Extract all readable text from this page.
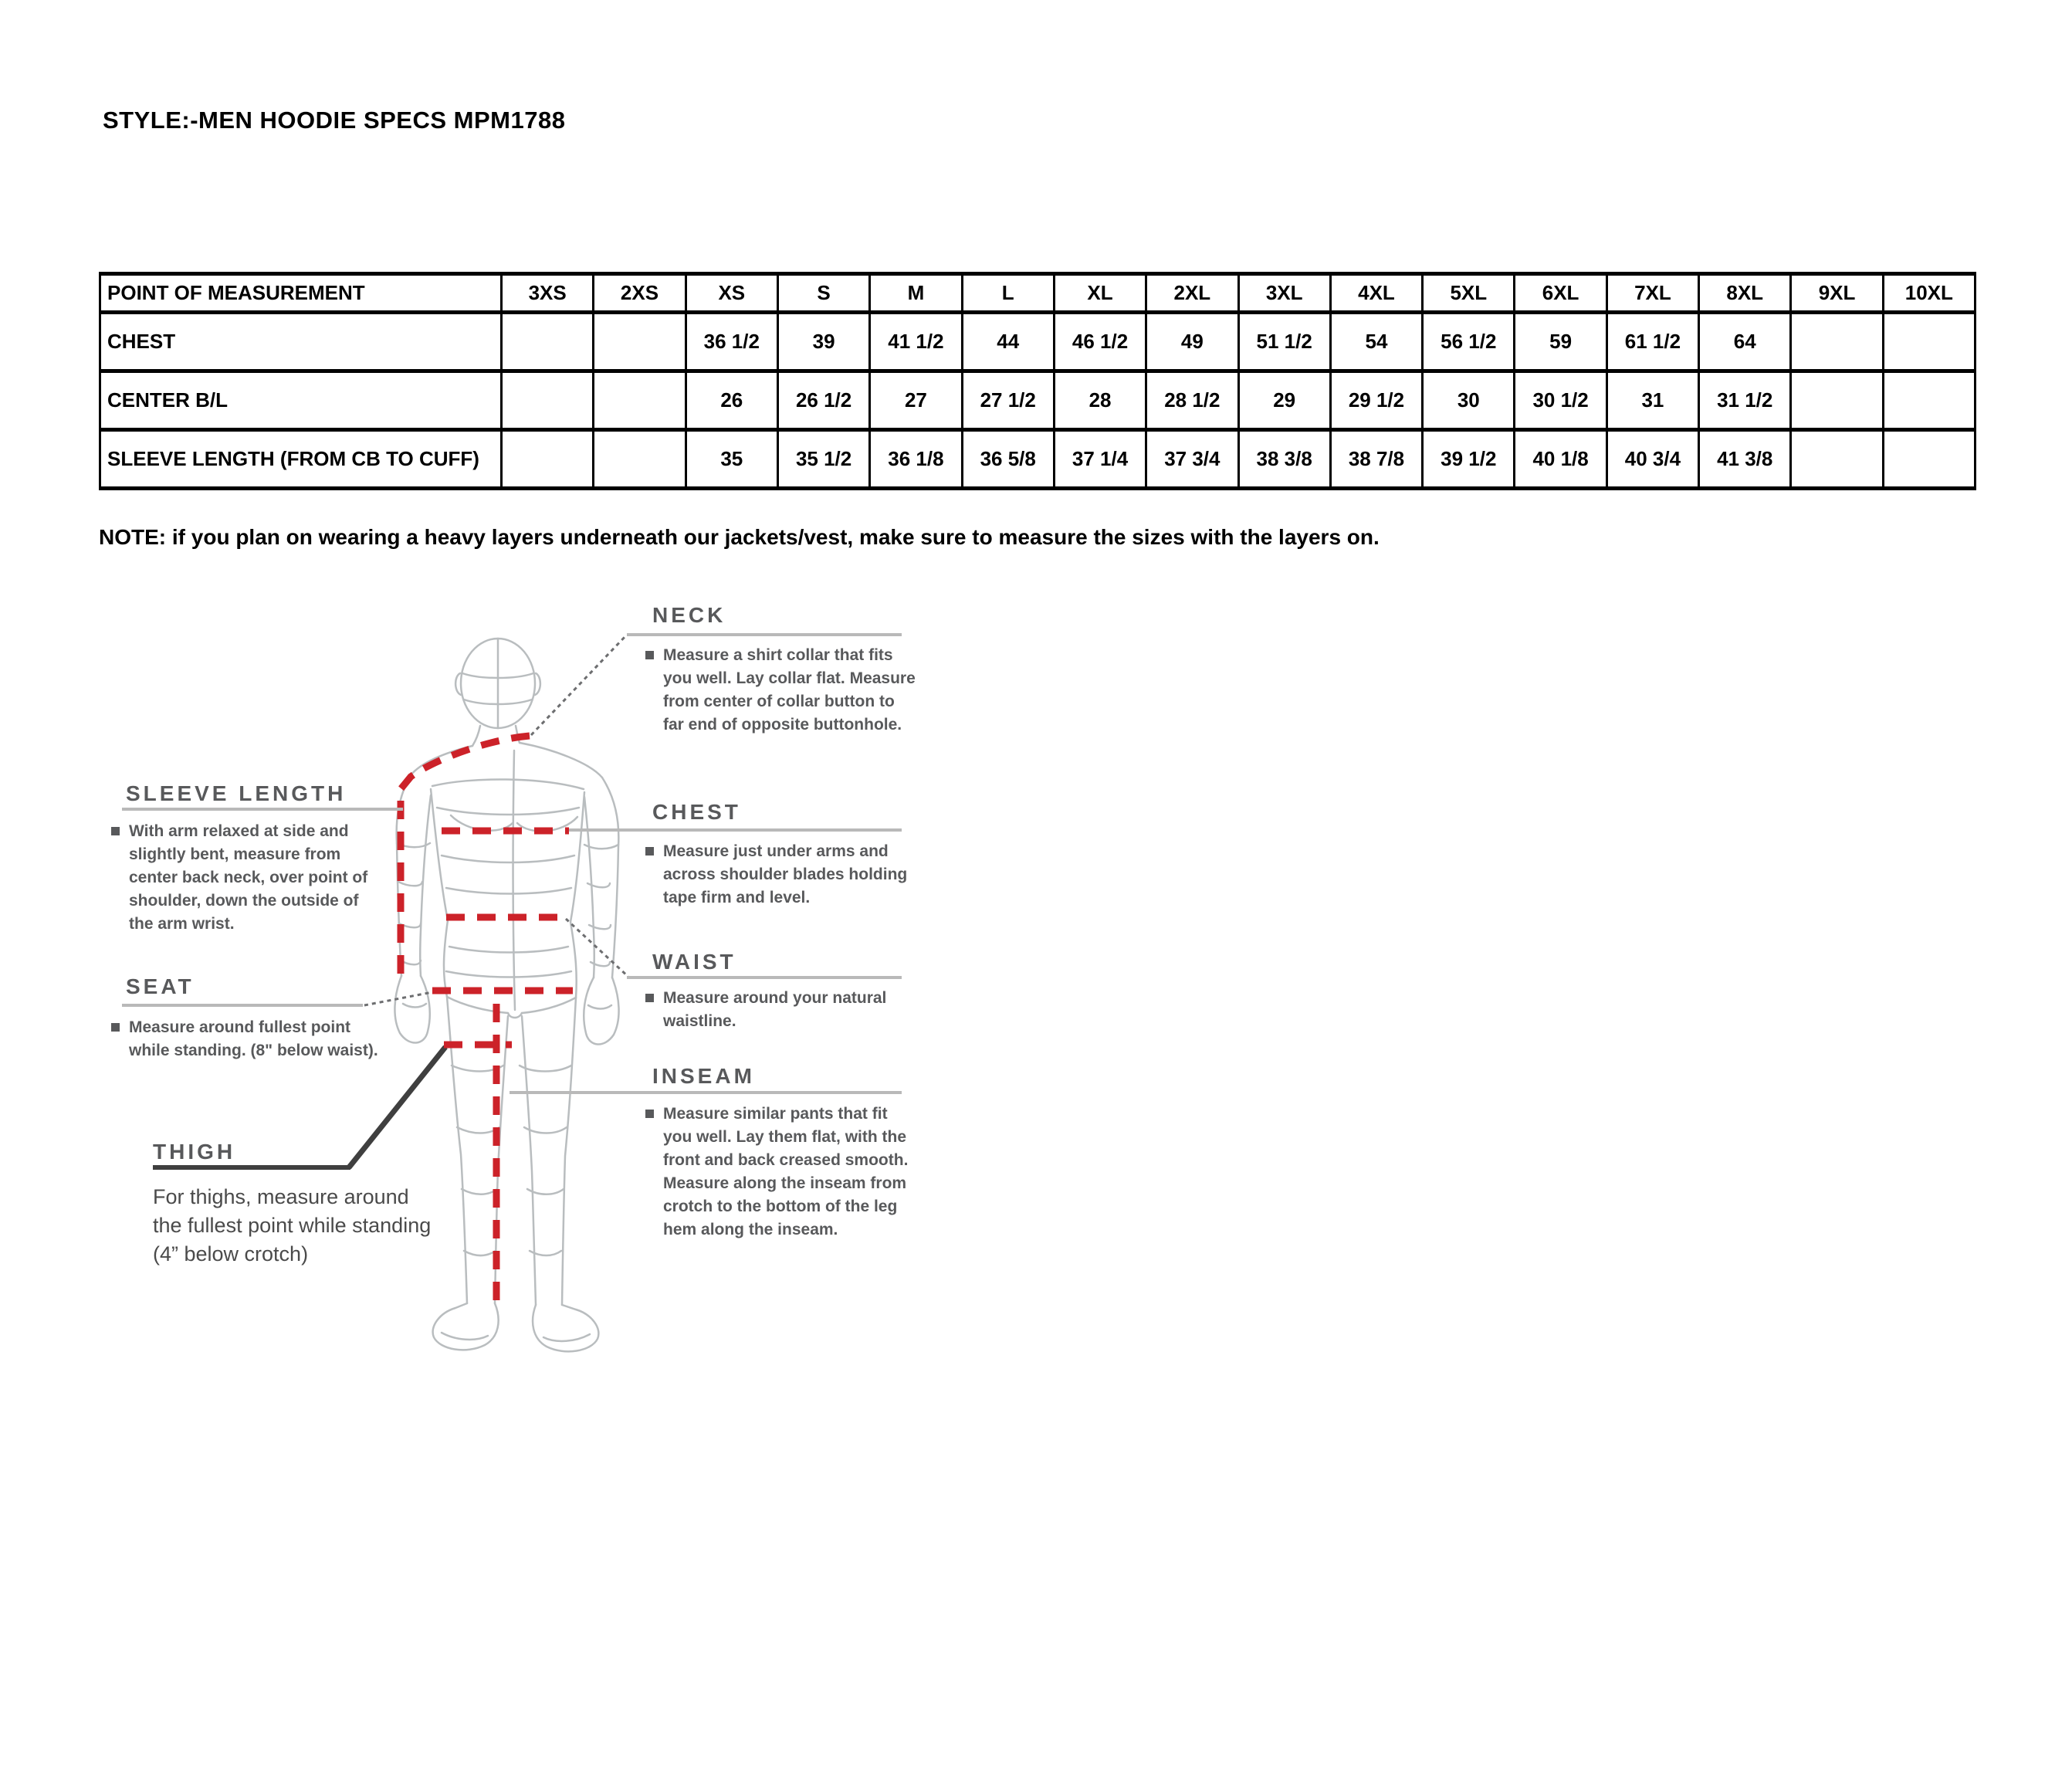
STYLE:-MEN HOODIE SPECS MPM1788
POINT OF MEASUREMENT	3XS	2XS	XS	S	M	L	XL	2XL	3XL	4XL	5XL	6XL	7XL	8XL	9XL	10XL
CHEST			36 1/2	39	41 1/2	44	46 1/2	49	51 1/2	54	56 1/2	59	61 1/2	64		
CENTER B/L			26	26 1/2	27	27 1/2	28	28 1/2	29	29 1/2	30	30 1/2	31	31 1/2		
SLEEVE LENGTH (FROM CB TO CUFF)			35	35 1/2	36 1/8	36 5/8	37 1/4	37 3/4	38 3/8	38 7/8	39 1/2	40 1/8	40 3/4	41 3/8		
NOTE: if you plan on wearing a heavy layers underneath our jackets/vest, make sure to measure the sizes with the layers on.
NECK
Measure a shirt collar that fits you well. Lay collar flat. Measure from center of collar button to far end of opposite buttonhole.
CHEST
Measure just under arms and across shoulder blades holding tape firm and level.
WAIST
Measure around your natural waistline.
INSEAM
Measure similar pants that fit you well. Lay them flat, with the front and back creased smooth. Measure along the inseam from crotch to the bottom of the leg hem along the inseam.
SLEEVE LENGTH
With arm relaxed at side and slightly bent, measure from center back neck, over point of shoulder, down the outside of the arm wrist.
SEAT
Measure around fullest point while standing. (8" below waist).
THIGH
For thighs, measure around the fullest point while standing (4” below crotch)
